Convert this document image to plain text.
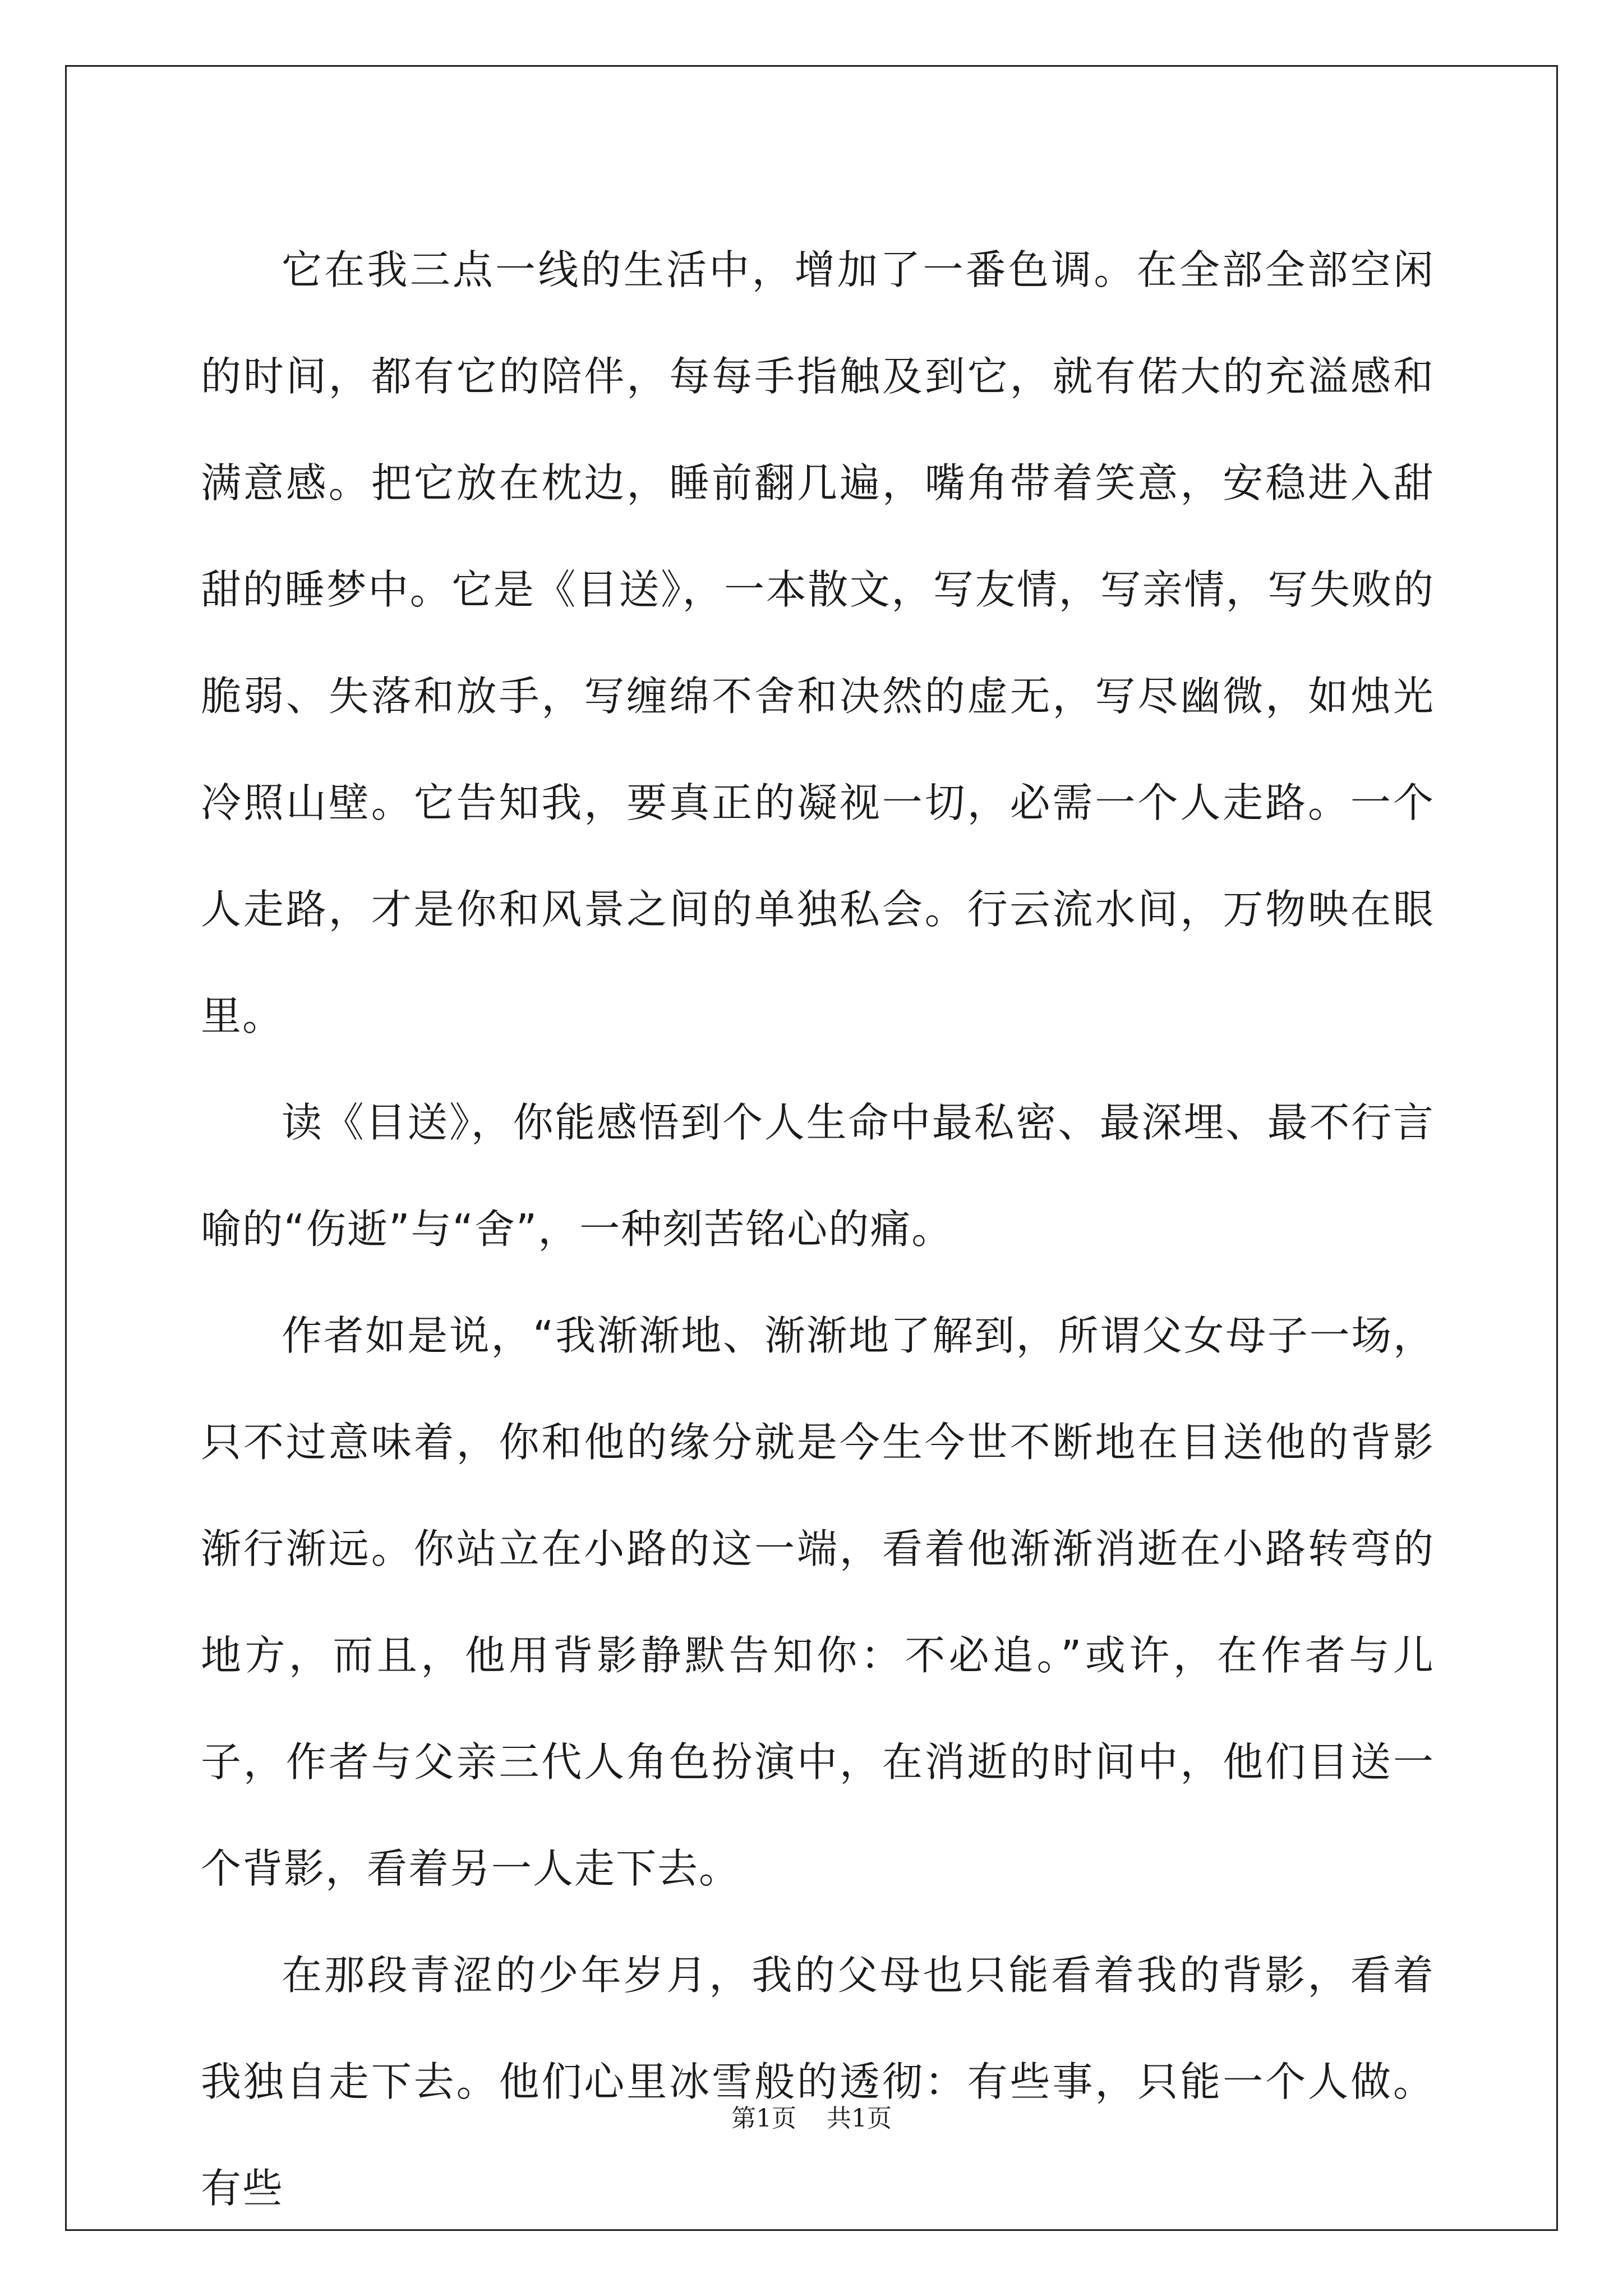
它在我三点一线的生活中，增加了一番色调。在全部全部空闲的时间，都有它的陪伴，每每手指触及到它，就有偌大的充溢感和满意感。把它放在枕边，睡前翻几遍，嘴角带着笑意，安稳进入甜甜的睡梦中。它是《目送》，一本散文，写友情，写亲情，写失败的脆弱、失落和放手，写缠绵不舍和决然的虚无，写尽幽微，如烛光冷照山壁。它告知我，要真正的凝视一切，必需一个人走路。一个人走路，才是你和风景之间的单独私会。行云流水间，万物映在眼里。

读《目送》，你能感悟到个人生命中最私密、最深埋、最不行言喻的“伤逝”与“舍”，一种刻苦铭心的痛。

作者如是说，“我渐渐地、渐渐地了解到，所谓父女母子一场，只不过意味着，你和他的缘分就是今生今世不断地在目送他的背影渐行渐远。你站立在小路的这一端，看着他渐渐消逝在小路转弯的地方，而且，他用背影静默告知你：不必追。”或许，在作者与儿子，作者与父亲三代人角色扮演中，在消逝的时间中，他们目送一个背影，看着另一人走下去。

在那段青涩的少年岁月，我的父母也只能看着我的背影，看着我独自走下去。他们心里冰雪般的透彻：有些事，只能一个人做。有些

第1页 共1页
